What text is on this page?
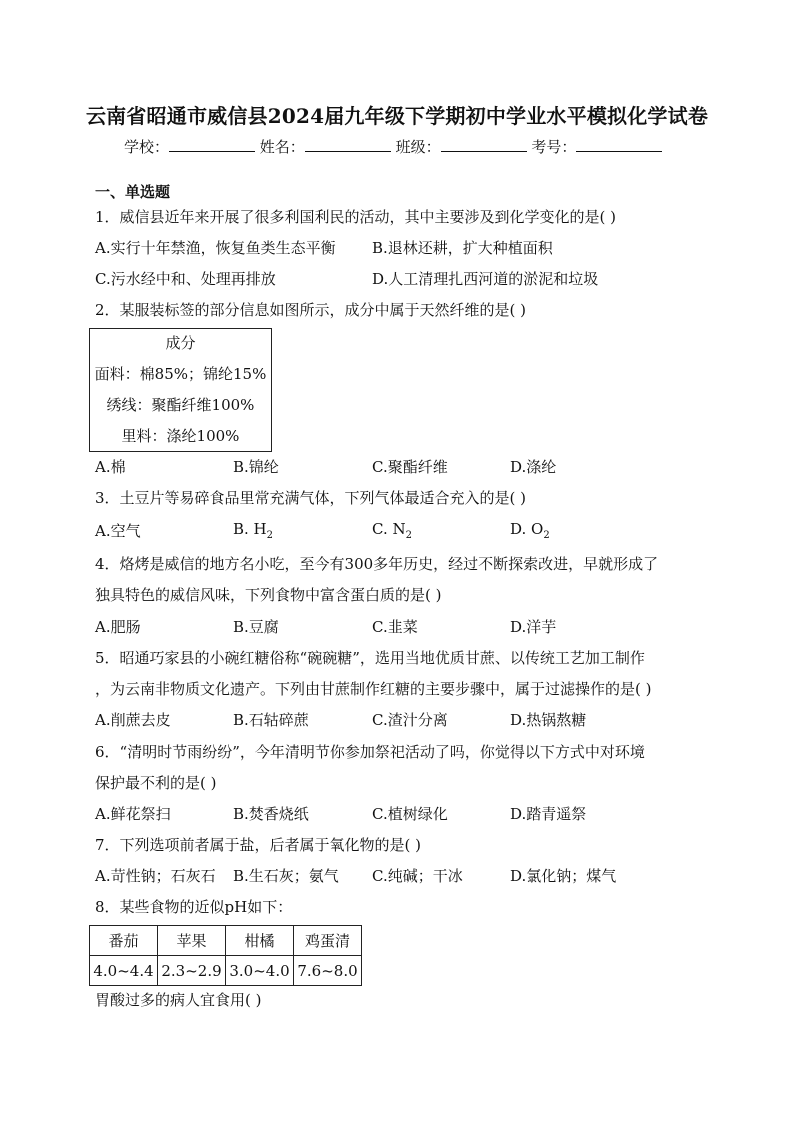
云南省昭通市威信县2024届九年级下学期初中学业水平模拟化学试卷
学校：	姓名：	班级：	考号：
一、单选题
1．威信县近年来开展了很多利国利民的活动，其中主要涉及到化学变化的是( )
A.实行十年禁渔，恢复鱼类生态平衡 B.退林还耕，扩大种植面积
C.污水经中和、处理再排放	D.人工清理扎西河道的淤泥和垃圾
2．某服装标签的部分信息如图所示，成分中属于天然纤维的是( )
成分
面料：棉85%；锦纶15%
绣线：聚酯纤维100%
里料：涤纶100%
A.棉	B.锦纶	C.聚酯纤维	D.涤纶
3．土豆片等易碎食品里常充满气体，下列气体最适合充入的是( )
A.空气	B. $H_2$	C. $N_2$	D. $O_2$
4．烙烤是威信的地方名小吃，至今有300多年历史，经过不断探索改进，早就形成了
独具特色的威信风味，下列食物中富含蛋白质的是( )
A.肥肠	B.豆腐	C.韭菜	D.洋芋
5．昭通巧家县的小碗红糖俗称“碗碗糖”，选用当地优质甘蔗、以传统工艺加工制作
，为云南非物质文化遗产。下列由甘蔗制作红糖的主要步骤中，属于过滤操作的是( )
A.削蔗去皮	B.石轱碎蔗	C.渣汁分离	D.热锅熬糖
6．“清明时节雨纷纷”，今年清明节你参加祭祀活动了吗，你觉得以下方式中对环境
保护最不利的是( )
A.鲜花祭扫	B.焚香烧纸	C.植树绿化	D.踏青遥祭
7．下列选项前者属于盐，后者属于氧化物的是( )
A.苛性钠；石灰石 B.生石灰；氨气 C.纯碱；干冰	D.氯化钠；煤气
8．某些食物的近似pH如下：
番茄	苹果	柑橘	鸡蛋清
4.0~4.4	2.3~2.9	3.0~4.0	7.6~8.0
胃酸过多的病人宜食用( )
